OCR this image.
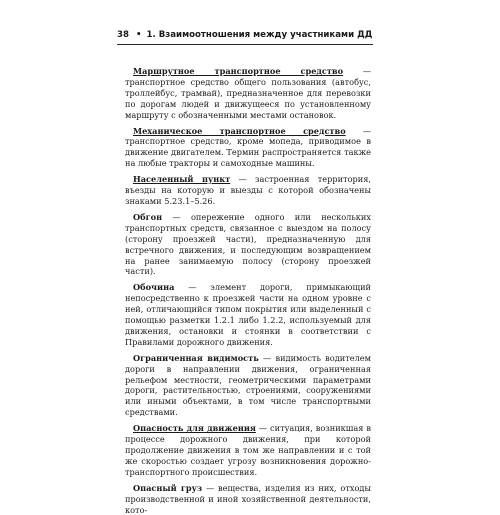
38 • 1. Взаимоотношения между участниками ДД

Маршрутное транспортное средство — транспортное средство общего пользования (автобус, троллейбус, трамвай), предназначенное для перевозки по дорогам людей и движущееся по установленному маршруту с обозначенными местами остановок.

Механическое транспортное средство — транспортное средство, кроме мопеда, приводимое в движение двигателем. Термин распространяется также на любые тракторы и самоходные машины.

Населенный пункт — застроенная территория, въезды на которую и выезды с которой обозначены знаками 5.23.1–5.26.

Обгон — опережение одного или нескольких транспортных средств, связанное с выездом на полосу (сторону проезжей части), предназначенную для встречного движения, и последующим возвращением на ранее занимаемую полосу (сторону проезжей части).

Обочина — элемент дороги, примыкающий непосредственно к проезжей части на одном уровне с ней, отличающийся типом покрытия или выделенный с помощью разметки 1.2.1 либо 1.2.2, используемый для движения, остановки и стоянки в соответствии с Правилами дорожного движения.

Ограниченная видимость — видимость водителем дороги в направлении движения, ограниченная рельефом местности, геометрическими параметрами дороги, растительностью, строениями, сооружениями или иными объектами, в том числе транспортными средствами.

Опасность для движения — ситуация, возникшая в процессе дорожного движения, при которой продолжение движения в том же направлении и с той же скоростью создает угрозу возникновения дорожно-транспортного происшествия.

Опасный груз — вещества, изделия из них, отходы производственной и иной хозяйственной деятельности, кото-
